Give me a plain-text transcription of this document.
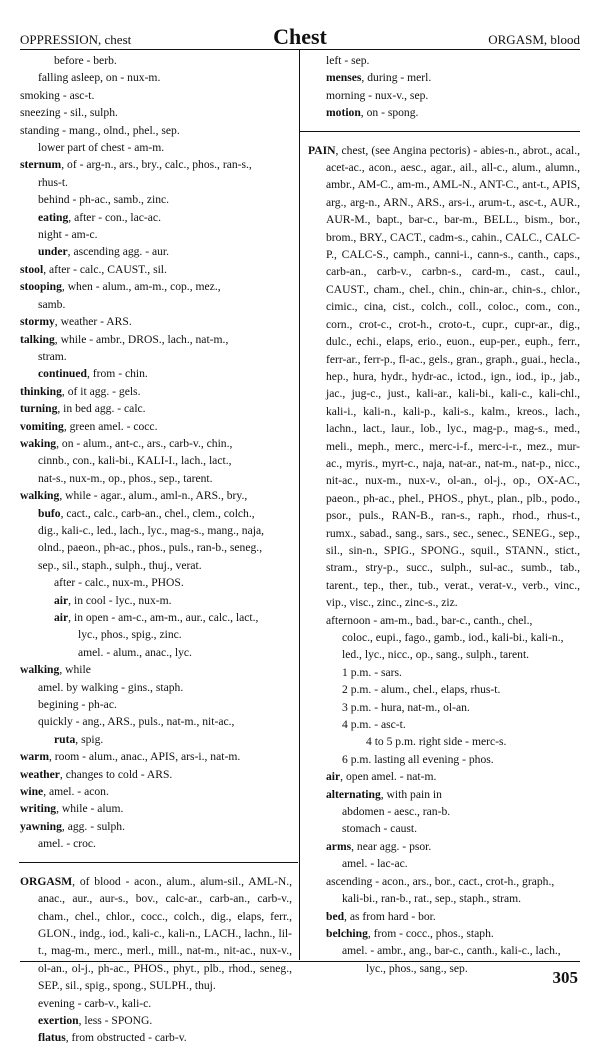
OPPRESSION, chest	Chest	ORGASM, blood
before - berb.
falling asleep, on - nux-m.
smoking - asc-t.
sneezing - sil., sulph.
standing - mang., olnd., phel., sep.
lower part of chest - am-m.
sternum, of - arg-n., ars., bry., calc., phos., ran-s.,
rhus-t.
behind - ph-ac., samb., zinc.
eating, after - con., lac-ac.
night - am-c.
under, ascending agg. - aur.
stool, after - calc., CAUST., sil.
stooping, when - alum., am-m., cop., mez.,
samb.
stormy, weather - ARS.
talking, while - ambr., DROS., lach., nat-m.,
stram.
continued, from - chin.
thinking, of it agg. - gels.
turning, in bed agg. - calc.
vomiting, green amel. - cocc.
waking, on - alum., ant-c., ars., carb-v., chin.,
cinnb., con., kali-bi., KALI-I., lach., lact.,
nat-s., nux-m., op., phos., sep., tarent.
walking, while - agar., alum., aml-n., ARS., bry.,
bufo, cact., calc., carb-an., chel., clem., colch.,
dig., kali-c., led., lach., lyc., mag-s., mang., naja,
olnd., paeon., ph-ac., phos., puls., ran-b., seneg.,
sep., sil., staph., sulph., thuj., verat.
after - calc., nux-m., PHOS.
air, in cool - lyc., nux-m.
air, in open - am-c., am-m., aur., calc., lact.,
lyc., phos., spig., zinc.
amel. - alum., anac., lyc.
walking, while
amel. by walking - gins., staph.
begining - ph-ac.
quickly - ang., ARS., puls., nat-m., nit-ac.,
ruta, spig.
warm, room - alum., anac., APIS, ars-i., nat-m.
weather, changes to cold - ARS.
wine, amel. - acon.
writing, while - alum.
yawning, agg. - sulph.
amel. - croc.
ORGASM, of blood - acon., alum., alum-sil., AML-N., anac., aur., aur-s., bov., calc-ar., carb-an., carb-v., cham., chel., chlor., cocc., colch., dig., elaps, ferr., GLON., indg., iod., kali-c., kali-n., LACH., lachn., lil-t., mag-m., merc., merl., mill., nat-m., nit-ac., nux-v., ol-an., ol-j., ph-ac., PHOS., phyt., plb., rhod., seneg., SEP., sil., spig., spong., SULPH., thuj.
evening - carb-v., kali-c.
exertion, less - SPONG.
flatus, from obstructed - carb-v.
left - sep.
menses, during - merl.
morning - nux-v., sep.
motion, on - spong.
PAIN, chest, (see Angina pectoris) - abies-n., abrot., acal., acet-ac., acon., aesc., agar., ail., all-c., alum., alumn., ambr., AM-C., am-m., AML-N., ANT-C., ant-t., APIS, arg., arg-n., ARN., ARS., ars-i., arum-t., asc-t., AUR., AUR-M., bapt., bar-c., bar-m., BELL., bism., bor., brom., BRY., CACT., cadm-s., cahin., CALC., CALC-P., CALC-S., camph., canni-i., cann-s., canth., caps., carb-an., carb-v., carbn-s., card-m., cast., caul., CAUST., cham., chel., chin., chin-ar., chin-s., chlor., cimic., cina, cist., colch., coll., coloc., com., con., corn., crot-c., crot-h., croto-t., cupr., cupr-ar., dig., dulc., echi., elaps, erio., euon., eup-per., euph., ferr., ferr-ar., ferr-p., fl-ac., gels., gran., graph., guai., hecla., hep., hura, hydr., hydr-ac., ictod., ign., iod., ip., jab., jac., jug-c., just., kali-ar., kali-bi., kali-c., kali-chl., kali-i., kali-n., kali-p., kali-s., kalm., kreos., lach., lachn., lact., laur., lob., lyc., mag-p., mag-s., med., meli., meph., merc., merc-i-f., merc-i-r., mez., mur-ac., myris., myrt-c., naja, nat-ar., nat-m., nat-p., nicc., nit-ac., nux-m., nux-v., ol-an., ol-j., op., OX-AC., paeon., ph-ac., phel., PHOS., phyt., plan., plb., podo., psor., puls., RAN-B., ran-s., raph., rhod., rhus-t., rumx., sabad., sang., sars., sec., senec., SENEG., sep., sil., sin-n., SPIG., SPONG., squil., STANN., stict., stram., stry-p., succ., sulph., sul-ac., sumb., tab., tarent., tep., ther., tub., verat., verat-v., verb., vinc., vip., visc., zinc., zinc-s., ziz.
afternoon - am-m., bad., bar-c., canth., chel.,
coloc., eupi., fago., gamb., iod., kali-bi., kali-n.,
led., lyc., nicc., op., sang., sulph., tarent.
1 p.m. - sars.
2 p.m. - alum., chel., elaps, rhus-t.
3 p.m. - hura, nat-m., ol-an.
4 p.m. - asc-t.
4 to 5 p.m. right side - merc-s.
6 p.m. lasting all evening - phos.
air, open amel. - nat-m.
alternating, with pain in
abdomen - aesc., ran-b.
stomach - caust.
arms, near agg. - psor.
amel. - lac-ac.
ascending - acon., ars., bor., cact., crot-h., graph.,
kali-bi., ran-b., rat., sep., staph., stram.
bed, as from hard - bor.
belching, from - cocc., phos., staph.
amel. - ambr., ang., bar-c., canth., kali-c., lach.,
lyc., phos., sang., sep.	305
